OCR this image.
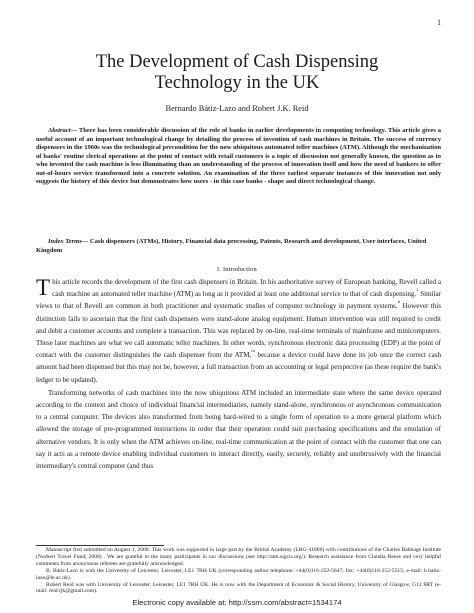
1
The Development of Cash Dispensing
Technology in the UK
Bernardo Bátiz-Lazo and Robert J.K. Reid

Abstract— There has been considerable discussion of the role of banks in earlier developments in computing technology. This article gives a useful account of an important technological change by detailing the process of invention of cash machines in Britain. The success of currency dispensers in the 1960s was the technological precondition for the now ubiquitous automated teller machines (ATM). Although the mechanization of banks' routine clerical operations at the point of contact with retail customers is a topic of discussion not generally known, the question as to who invented the cash machine is less illuminating than an understanding of the process of innovation itself and how the need of bankers to offer out-of-hours service transformed into a concrete solution. An examination of the three earliest separate instances of this innovation not only suggests the history of this device but demonstrates how users - in this case banks - shape and direct technological change.

Index Terms— Cash dispensers (ATMs), History, Financial data processing, Patents, Research and development, User interfaces, United Kingdom

I. Introduction

This article records the development of the first cash dispensers in Britain. In his authoritative survey of European banking, Revell called a cash machine an automated teller machine (ATM) as long as it provided at least one additional service to that of cash dispensing.$^1$ Similar views to that of Revell are common in both practitioner and systematic studies of computer technology in payment systems.$^{ii}$ However this distinction fails to ascertain that the first cash dispensers were stand-alone analog equipment. Human intervention was still required to credit and debit a customer accounts and complete a transaction. This was replaced by on-line, real-time terminals of mainframe and minicomputers. These later machines are what we call automatic teller machines. In other words, synchronous electronic data processing (EDP) at the point of contact with the customer distinguishes the cash dispenser from the ATM,$^{iii}$ because a device could have done its job once the correct cash amount had been dispensed but this may not be, however, a full transaction from an accounting or legal perspective (as these require the bank's ledger to be updated).

Transforming networks of cash machines into the now ubiquitous ATM included an intermediate state where the same device operated according to the context and choice of individual financial intermediaries, namely stand-alone, synchronous or asynchronous communication to a central computer. The devices also transformed from being hard-wired to a single form of operation to a more general platform which allowed the storage of pre-programmed instructions in order that their operation could suit purchasing specifications and the emulation of alternative vendors. It is only when the ATM achieves on-line, real-time communication at the point of contact with the customer that one can say it acts as a remote device enabling individual customers to interact directly, easily, securely, reliably and unobtrusively with the financial intermediary's central computer (and thus

Manuscript first submitted on August 1, 2008. This work was supported in large part by the British Academy (LRG-41806) with contributions of the Charles Babbage Institute (Norbert Travel Fund, 2008) . We are grateful to the many participants in our discussions (see http://atm.sigcis.org/). Research assistance from Claudia Reese and very helpful comments from anonymous referees are gratefully acknowledged.

B. Bátiz-Lazo is with the University of Leicester, Leicester, LE1 7RH UK (corresponding author telephone: +44(0)116-252-5647; fax: +44(0)116-252-5515; e-mail: b.batiz-lazo@le.ac.uk).

Robert Reid was with University of Leicester, Leicester, LE1 7RH UK. He is now with the Department of Economic & Social History, University of Glasgow, G12 8RT (e-mail: reid.rjk@gmail.com).

Electronic copy available at: http://ssrn.com/abstract=1534174
